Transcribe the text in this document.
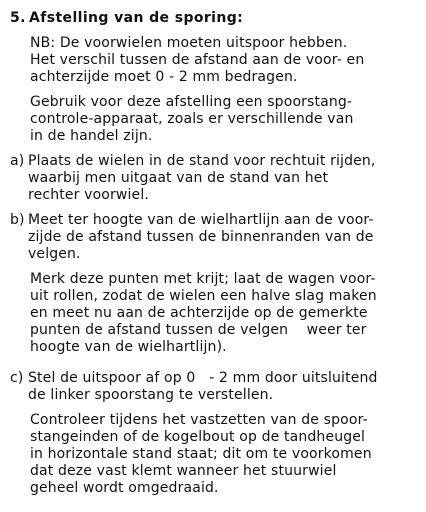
5. Afstelling van de sporing:
NB: De voorwielen moeten uitspoor hebben.
Het verschil tussen de afstand aan de voor- en
achterzijde moet 0 - 2 mm bedragen.
Gebruik voor deze afstelling een spoorstang-
controle-apparaat, zoals er verschillende van
in de handel zijn.
a) Plaats de wielen in de stand voor rechtuit rijden,
waarbij men uitgaat van de stand van het
rechter voorwiel.
b) Meet ter hoogte van de wielhartlijn aan de voor-
zijde de afstand tussen de binnenranden van de
velgen.
Merk deze punten met krijt; laat de wagen voor-
uit rollen, zodat de wielen een halve slag maken
en meet nu aan de achterzijde op de gemerkte
punten de afstand tussen de velgen    weer ter
hoogte van de wielhartlijn).
c) Stel de uitspoor af op 0   - 2 mm door uitsluitend
de linker spoorstang te verstellen.
Controleer tijdens het vastzetten van de spoor-
stangeinden of de kogelbout op de tandheugel
in horizontale stand staat; dit om te voorkomen
dat deze vast klemt wanneer het stuurwiel
geheel wordt omgedraaid.
